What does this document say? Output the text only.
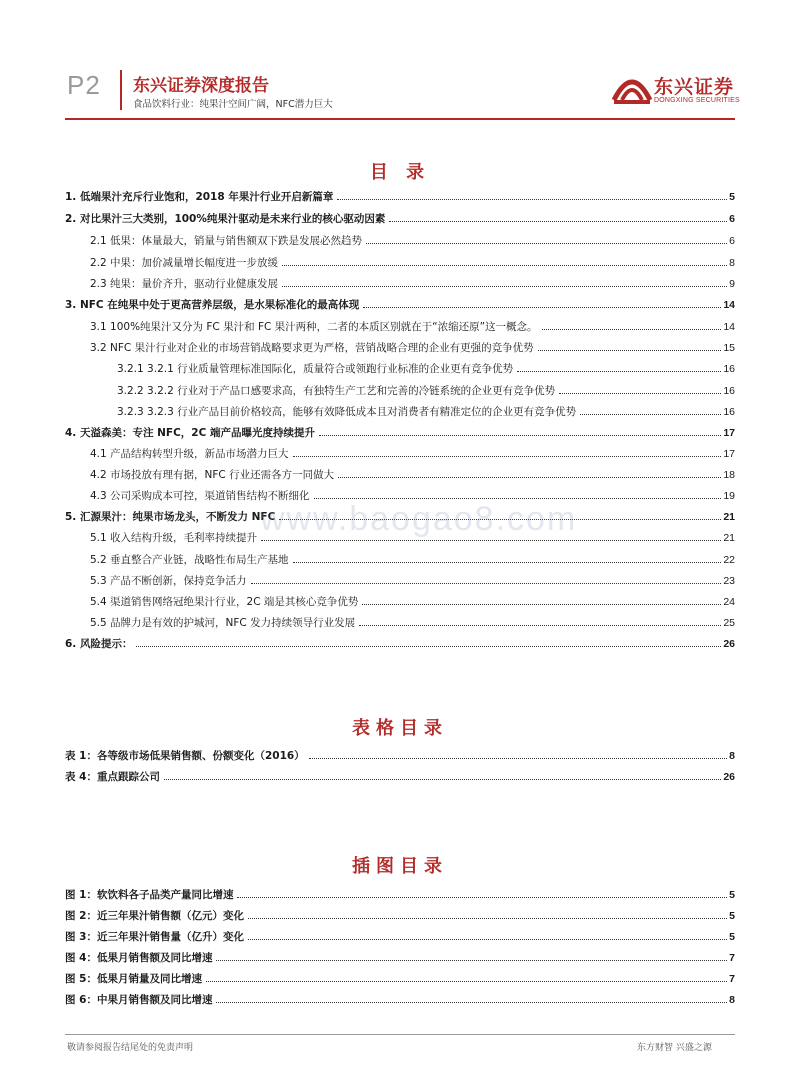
P2 东兴证券深度报告
食品饮料行业：纯果汁空间广阔，NFC潜力巨大
东兴证券
DONGXING SECURITIES
目 录
1. 低端果汁充斥行业饱和，2018 年果汁行业开启新篇章	5
2. 对比果汁三大类别，100%纯果汁驱动是未来行业的核心驱动因素	6
2.1 低果：体量最大，销量与销售额双下跌是发展必然趋势	6
2.2 中果：加价减量增长幅度进一步放缓	8
2.3 纯果：量价齐升，驱动行业健康发展	9
3. NFC 在纯果中处于更高营养层级，是水果标准化的最高体现	14
3.1 100%纯果汁又分为 FC 果汁和 FC 果汁两种，二者的本质区别就在于“浓缩还原”这一概念。	14
3.2 NFC 果汁行业对企业的市场营销战略要求更为严格，营销战略合理的企业有更强的竞争优势	15
3.2.1 3.2.1 行业质量管理标准国际化，质量符合或领跑行业标准的企业更有竞争优势	16
3.2.2 3.2.2 行业对于产品口感要求高，有独特生产工艺和完善的冷链系统的企业更有竞争优势	16
3.2.3 3.2.3 行业产品目前价格较高，能够有效降低成本且对消费者有精准定位的企业更有竞争优势	16
4. 天溢森美：专注 NFC，2C 端产品曝光度持续提升	17
4.1 产品结构转型升级，新品市场潜力巨大	17
4.2 市场投放有理有据，NFC 行业还需各方一同做大	18
4.3 公司采购成本可控，渠道销售结构不断细化	19
5. 汇源果汁：纯果市场龙头，不断发力 NFC	21
5.1 收入结构升级，毛利率持续提升	21
5.2 垂直整合产业链，战略性布局生产基地	22
5.3 产品不断创新，保持竞争活力	23
5.4 渠道销售网络冠绝果汁行业，2C 端是其核心竞争优势	24
5.5 品牌力是有效的护城河，NFC 发力持续领导行业发展	25
6. 风险提示：	26
www.baogao8.com
表格目录
表 1：各等级市场低果销售额、份额变化（2016）	8
表 4：重点跟踪公司	26
插图目录
图 1：软饮料各子品类产量同比增速	5
图 2：近三年果汁销售额（亿元）变化	5
图 3：近三年果汁销售量（亿升）变化	5
图 4：低果月销售额及同比增速	7
图 5：低果月销量及同比增速	7
图 6：中果月销售额及同比增速	8
敬请参阅报告结尾处的免责声明	东方财智 兴盛之源
